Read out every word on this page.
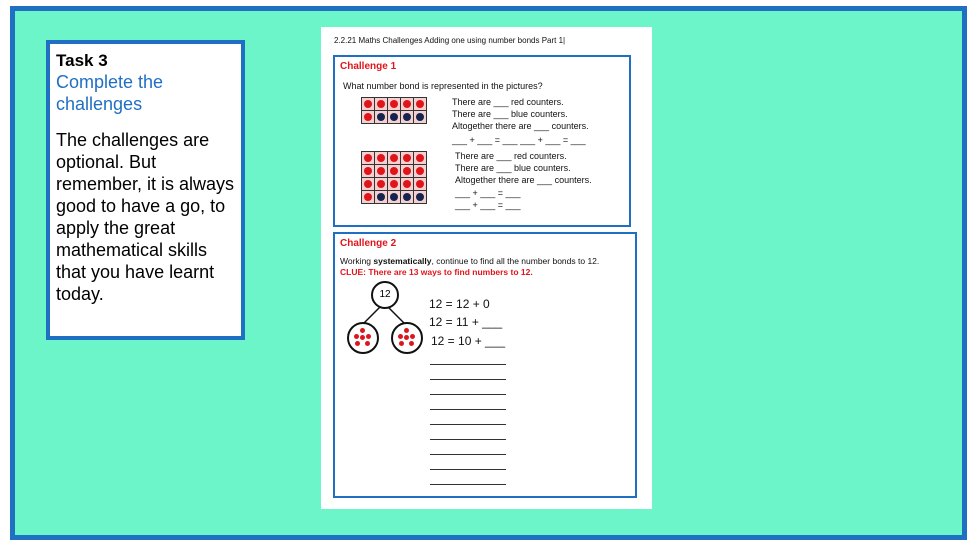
Task 3
Complete the challenges
The challenges are optional. But remember, it is always good to have a go, to apply the great mathematical skills that you have learnt today.
2.2.21 Maths Challenges Adding one using number bonds Part 1|
Challenge 1
What number bond is represented in the pictures?
There are ___ red counters.
There are ___ blue counters.
Altogether there are ___ counters.
___ + ___ = ___ ___ + ___ = ___
There are ___ red counters.
There are ___ blue counters.
Altogether there are ___ counters.
___ + ___ = ___
___ + ___ = ___
Challenge 2
Working systematically, continue to find all the number bonds to 12.
CLUE: There are 13 ways to find numbers to 12.
12
12 = 12 + 0
12 = 11 + ___
12 = 10 + ___
